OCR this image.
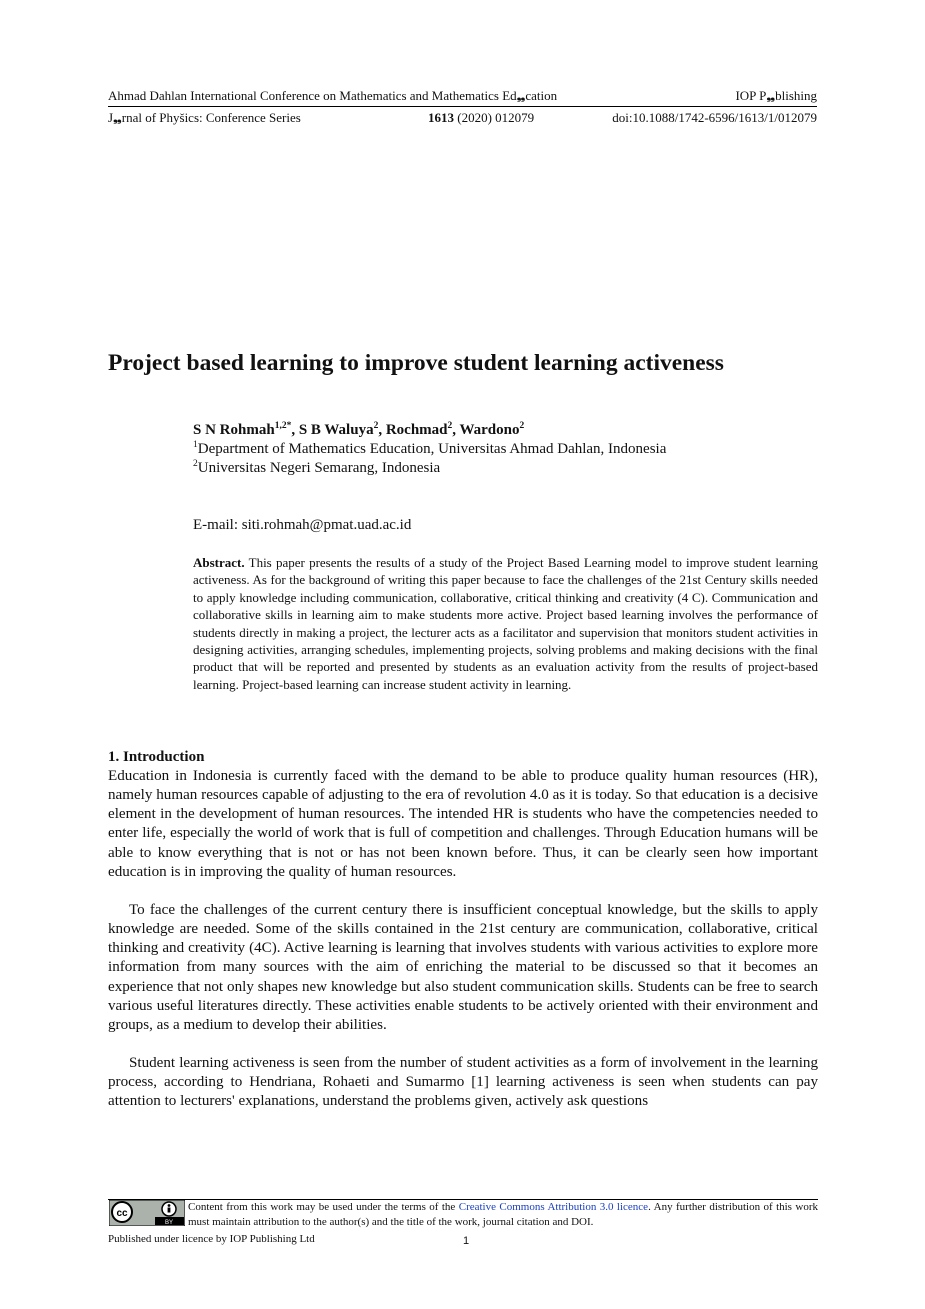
Ahmad Dahlan International Conference on Mathematics and Mathematics Ed❠cation	IOP P❠blishing
J❠rnal of Phyšics: Conference Series	1613 (2020) 012079	doi:10.1088/1742-6596/1613/1/012079
Project based learning to improve student learning activeness
S N Rohmah$^{1,2*}$, S B Waluya$^2$, Rochmad$^2$, Wardono$^2$
$^1$Department of Mathematics Education, Universitas Ahmad Dahlan, Indonesia
$^2$Universitas Negeri Semarang, Indonesia
E-mail: siti.rohmah@pmat.uad.ac.id
Abstract. This paper presents the results of a study of the Project Based Learning model to improve student learning activeness. As for the background of writing this paper because to face the challenges of the 21st Century skills needed to apply knowledge including communication, collaborative, critical thinking and creativity (4 C). Communication and collaborative skills in learning aim to make students more active. Project based learning involves the performance of students directly in making a project, the lecturer acts as a facilitator and supervision that monitors student activities in designing activities, arranging schedules, implementing projects, solving problems and making decisions with the final product that will be reported and presented by students as an evaluation activity from the results of project-based learning. Project-based learning can increase student activity in learning.
1. Introduction

Education in Indonesia is currently faced with the demand to be able to produce quality human resources (HR), namely human resources capable of adjusting to the era of revolution 4.0 as it is today. So that education is a decisive element in the development of human resources. The intended HR is students who have the competencies needed to enter life, especially the world of work that is full of competition and challenges. Through Education humans will be able to know everything that is not or has not been known before. Thus, it can be clearly seen how important education is in improving the quality of human resources.

To face the challenges of the current century there is insufficient conceptual knowledge, but the skills to apply knowledge are needed. Some of the skills contained in the 21st century are communication, collaborative, critical thinking and creativity (4C). Active learning is learning that involves students with various activities to explore more information from many sources with the aim of enriching the material to be discussed so that it becomes an experience that not only shapes new knowledge but also student communication skills. Students can be free to search various useful literatures directly. These activities enable students to be actively oriented with their environment and groups, as a medium to develop their abilities.

Student learning activeness is seen from the number of student activities as a form of involvement in the learning process, according to Hendriana, Rohaeti and Sumarmo [1] learning activeness is seen when students can pay attention to lecturers' explanations, understand the problems given, actively ask questions

cc
BY
Content from this work may be used under the terms of the Creative Commons Attribution 3.0 licence. Any further distribution of this work must maintain attribution to the author(s) and the title of the work, journal citation and DOI.
Published under licence by IOP Publishing Ltd	1
